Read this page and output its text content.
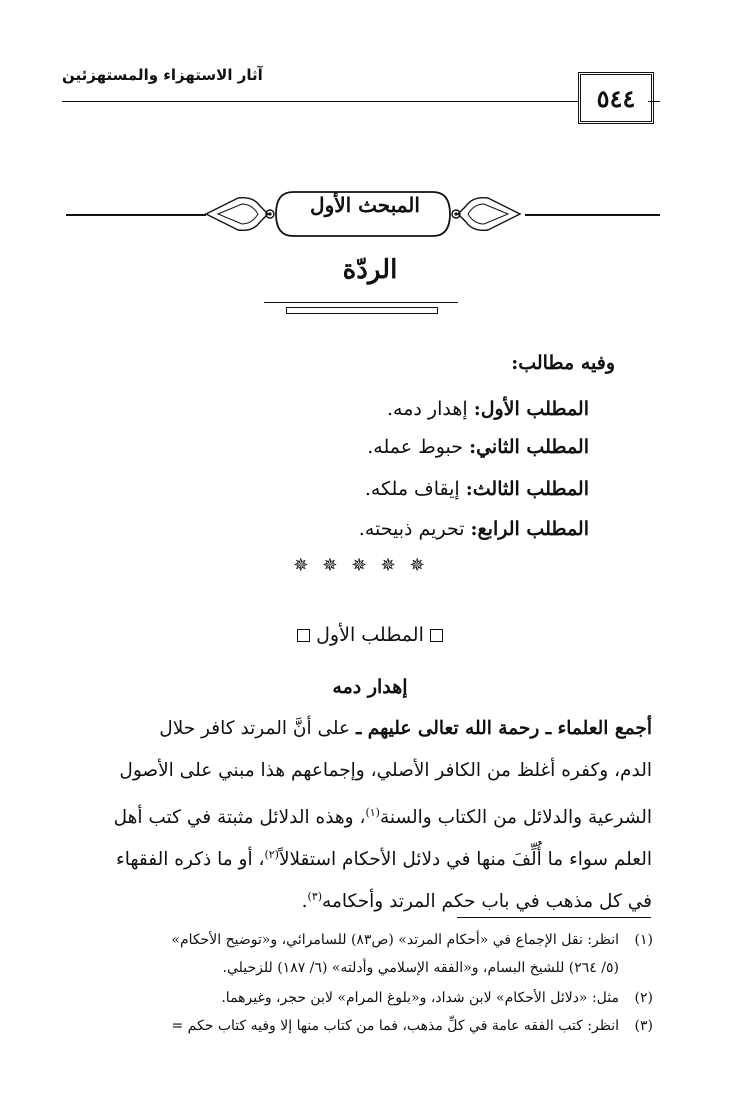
آثار الاستهزاء والمستهزئين
٥٤٤
المبحث الأول
الردّة
وفيه مطالب:
المطلب الأول: إهدار دمه.
المطلب الثاني: حبوط عمله.
المطلب الثالث: إيقاف ملكه.
المطلب الرابع: تحريم ذبيحته.
✵✵✵✵✵
المطلب الأول
إهدار دمه
أجمع العلماء ـ رحمة الله تعالى عليهم ـ على أنَّ المرتد كافر حلال
الدم، وكفره أغلظ من الكافر الأصلي، وإجماعهم هذا مبني على الأصول
الشرعية والدلائل من الكتاب والسنة$^{(١)}$، وهذه الدلائل مثبتة في كتب أهل
العلم سواء ما أُلِّفَ منها في دلائل الأحكام استقلالاً$^{(٢)}$، أو ما ذكره الفقهاء
في كل مذهب في باب حكم المرتد وأحكامه$^{(٣)}$.
(١)انظر: نقل الإجماع في «أحكام المرتد» (ص٨٣) للسامرائي، و«توضيح الأحكام»
(٥/ ٢٦٤) للشيخ البسام، و«الفقه الإسلامي وأدلته» (٦/ ١٨٧) للزحيلي.
(٢)مثل: «دلائل الأحكام» لابن شداد، و«بلوغ المرام» لابن حجر، وغيرهما.
(٣)انظر: كتب الفقه عامة في كلِّ مذهب، فما من كتاب منها إلا وفيه كتاب حكم =
